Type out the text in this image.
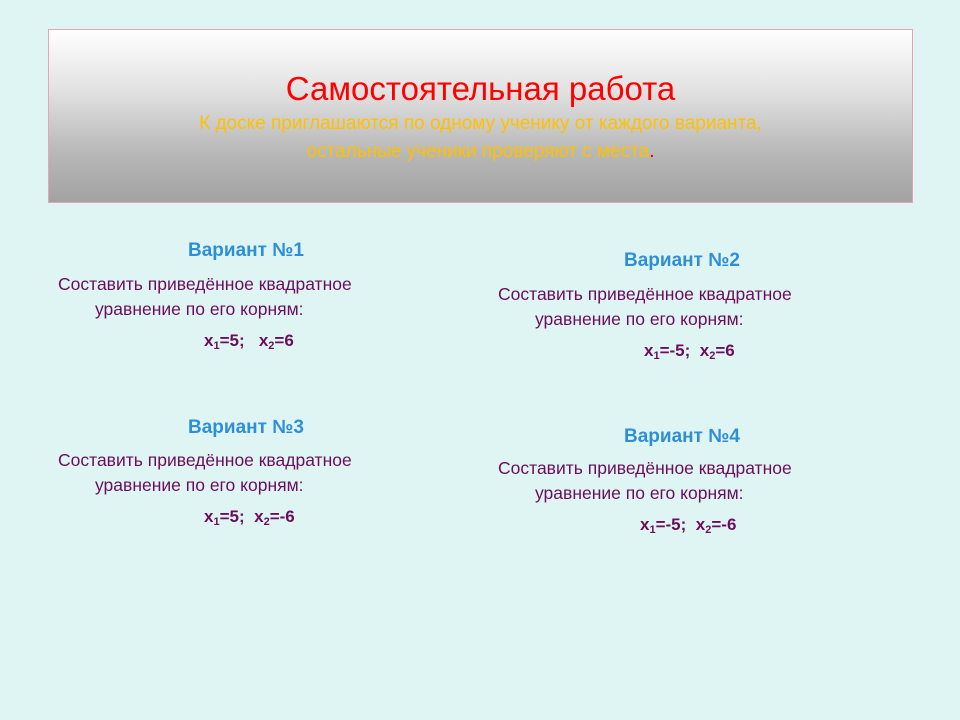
Самостоятельная работа
К доске приглашаются по одному ученику от каждого варианта,
остальные ученики проверяют с места.
Вариант №1
Составить приведённое квадратное
уравнение по его корням:
$x_1=5$; $x_2=6$
Вариант №2
Составить приведённое квадратное
уравнение по его корням:
$x_1=-5$; $x_2=6$
Вариант №3
Составить приведённое квадратное
уравнение по его корням:
$x_1=5$; $x_2=-6$
Вариант №4
Составить приведённое квадратное
уравнение по его корням:
$x_1=-5$; $x_2=-6$
